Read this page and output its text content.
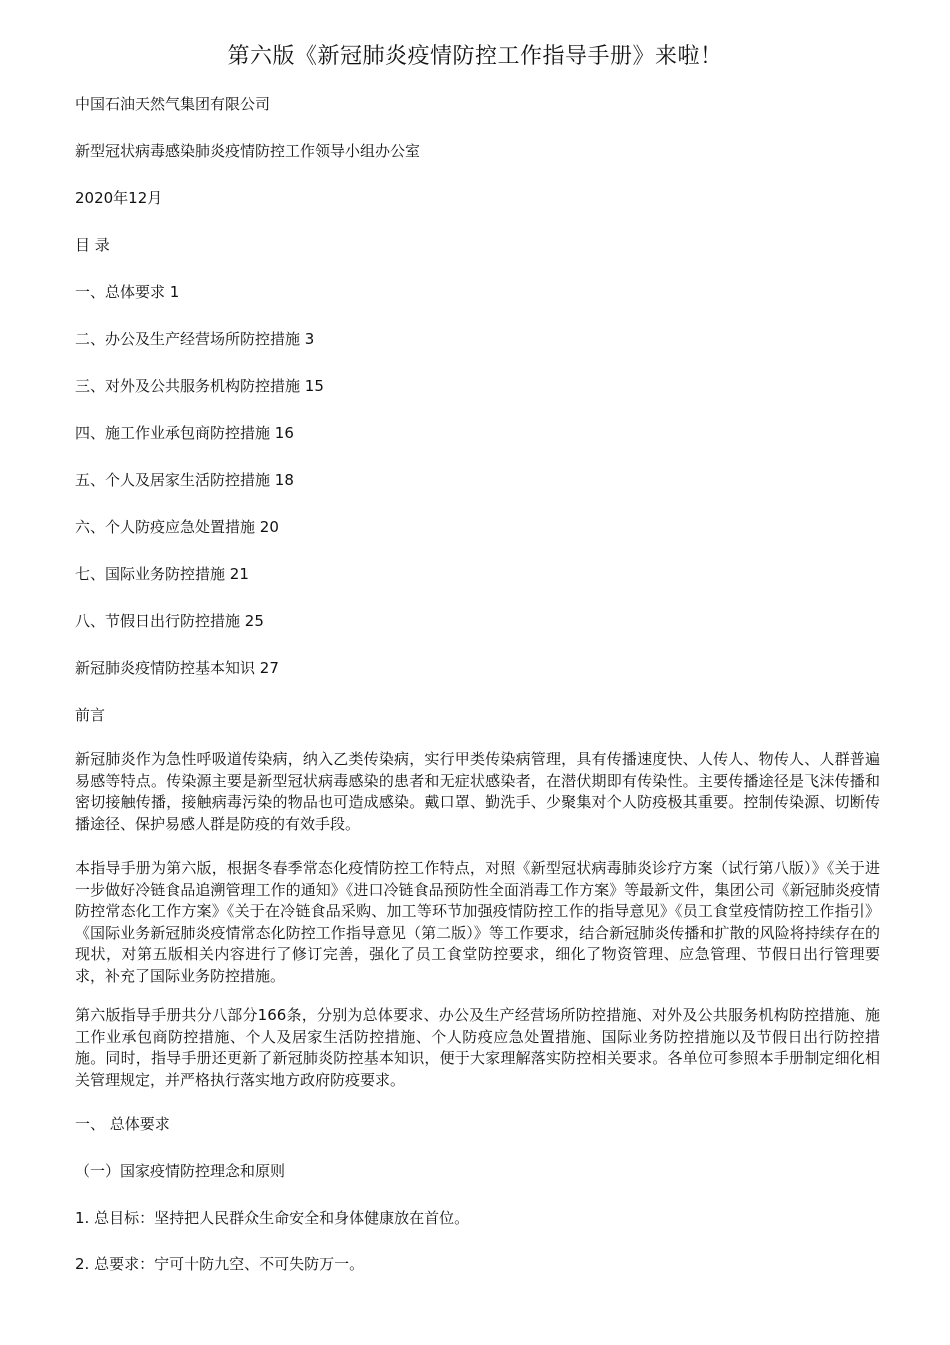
第六版《新冠肺炎疫情防控工作指导手册》来啦！
中国石油天然气集团有限公司
新型冠状病毒感染肺炎疫情防控工作领导小组办公室
2020年12月
目 录
一、总体要求 1
二、办公及生产经营场所防控措施 3
三、对外及公共服务机构防控措施 15
四、施工作业承包商防控措施 16
五、个人及居家生活防控措施 18
六、个人防疫应急处置措施 20
七、国际业务防控措施 21
八、节假日出行防控措施 25
新冠肺炎疫情防控基本知识 27
前言
新冠肺炎作为急性呼吸道传染病，纳入乙类传染病，实行甲类传染病管理，具有传播速度快、人传人、物传人、人群普遍易感等特点。传染源主要是新型冠状病毒感染的患者和无症状感染者，在潜伏期即有传染性。主要传播途径是飞沫传播和密切接触传播，接触病毒污染的物品也可造成感染。戴口罩、勤洗手、少聚集对个人防疫极其重要。控制传染源、切断传播途径、保护易感人群是防疫的有效手段。
本指导手册为第六版，根据冬春季常态化疫情防控工作特点，对照《新型冠状病毒肺炎诊疗方案（试行第八版）》《关于进一步做好冷链食品追溯管理工作的通知》《进口冷链食品预防性全面消毒工作方案》等最新文件，集团公司《新冠肺炎疫情防控常态化工作方案》《关于在冷链食品采购、加工等环节加强疫情防控工作的指导意见》《员工食堂疫情防控工作指引》《国际业务新冠肺炎疫情常态化防控工作指导意见（第二版）》等工作要求，结合新冠肺炎传播和扩散的风险将持续存在的现状，对第五版相关内容进行了修订完善，强化了员工食堂防控要求，细化了物资管理、应急管理、节假日出行管理要求，补充了国际业务防控措施。
第六版指导手册共分八部分166条，分别为总体要求、办公及生产经营场所防控措施、对外及公共服务机构防控措施、施工作业承包商防控措施、个人及居家生活防控措施、个人防疫应急处置措施、国际业务防控措施以及节假日出行防控措施。同时，指导手册还更新了新冠肺炎防控基本知识，便于大家理解落实防控相关要求。各单位可参照本手册制定细化相关管理规定，并严格执行落实地方政府防疫要求。
一、 总体要求
（一）国家疫情防控理念和原则
1. 总目标：坚持把人民群众生命安全和身体健康放在首位。
2. 总要求：宁可十防九空、不可失防万一。
